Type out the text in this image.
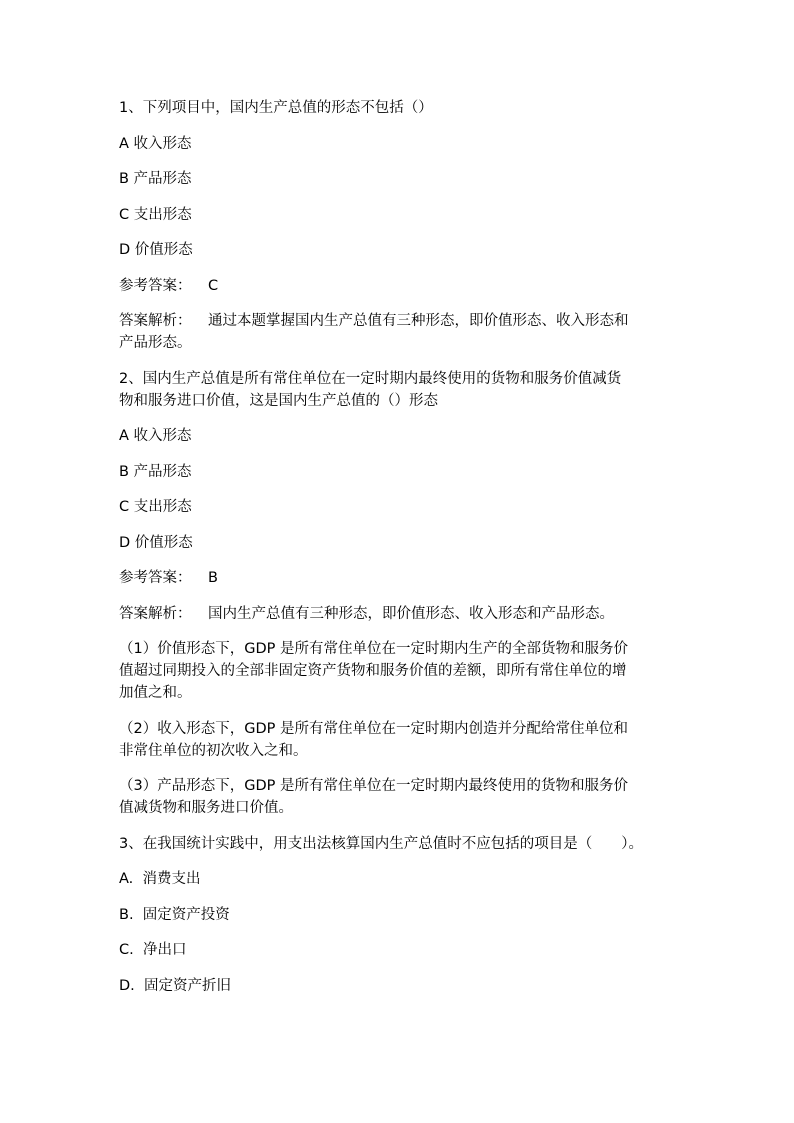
1、下列项目中，国内生产总值的形态不包括（）
A 收入形态
B 产品形态
C 支出形态
D 价值形态
参考答案： C
答案解析： 通过本题掌握国内生产总值有三种形态，即价值形态、收入形态和
产品形态。
2、国内生产总值是所有常住单位在一定时期内最终使用的货物和服务价值减货
物和服务进口价值，这是国内生产总值的（）形态
A 收入形态
B 产品形态
C 支出形态
D 价值形态
参考答案： B
答案解析： 国内生产总值有三种形态，即价值形态、收入形态和产品形态。
（1）价值形态下，GDP 是所有常住单位在一定时期内生产的全部货物和服务价
值超过同期投入的全部非固定资产货物和服务价值的差额，即所有常住单位的增
加值之和。
（2）收入形态下，GDP 是所有常住单位在一定时期内创造并分配给常住单位和
非常住单位的初次收入之和。
（3）产品形态下，GDP 是所有常住单位在一定时期内最终使用的货物和服务价
值减货物和服务进口价值。
3、在我国统计实践中，用支出法核算国内生产总值时不应包括的项目是（　　）。
A.  消费支出
B.  固定资产投资
C.  净出口
D.  固定资产折旧
